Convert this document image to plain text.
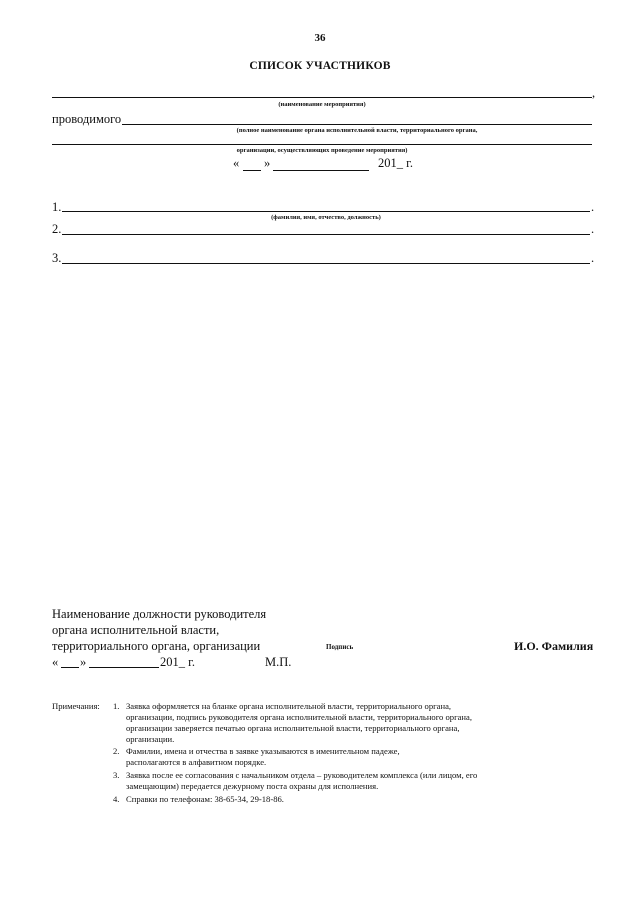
36
СПИСОК УЧАСТНИКОВ
,
(наименование мероприятия)
проводимого
(полное наименование органа исполнительной власти, территориального органа,
организации, осуществляющих проведение мероприятия)
« »	201_ г.
1.	.
(фамилия, имя, отчество, должность)
2.	.
3.	.
Наименование должности руководителя
органа исполнительной власти,
территориального органа, организации	Подпись	И.О. Фамилия
« »	201_ г.	М.П.
Примечания: 1. Заявка оформляется на бланке органа исполнительной власти, территориального органа,
организации, подпись руководителя органа исполнительной власти, территориального органа,
организации заверяется печатью органа исполнительной власти, территориального органа,
организации.
2. Фамилии, имена и отчества в заявке указываются в именительном падеже,
располагаются в алфавитном порядке.
3. Заявка после ее согласования с начальником отделa – руководителем комплекса (или лицом, его
замещающим) передается дежурному поста охраны для исполнения.
4. Справки по телефонам: 38-65-34, 29-18-86.
